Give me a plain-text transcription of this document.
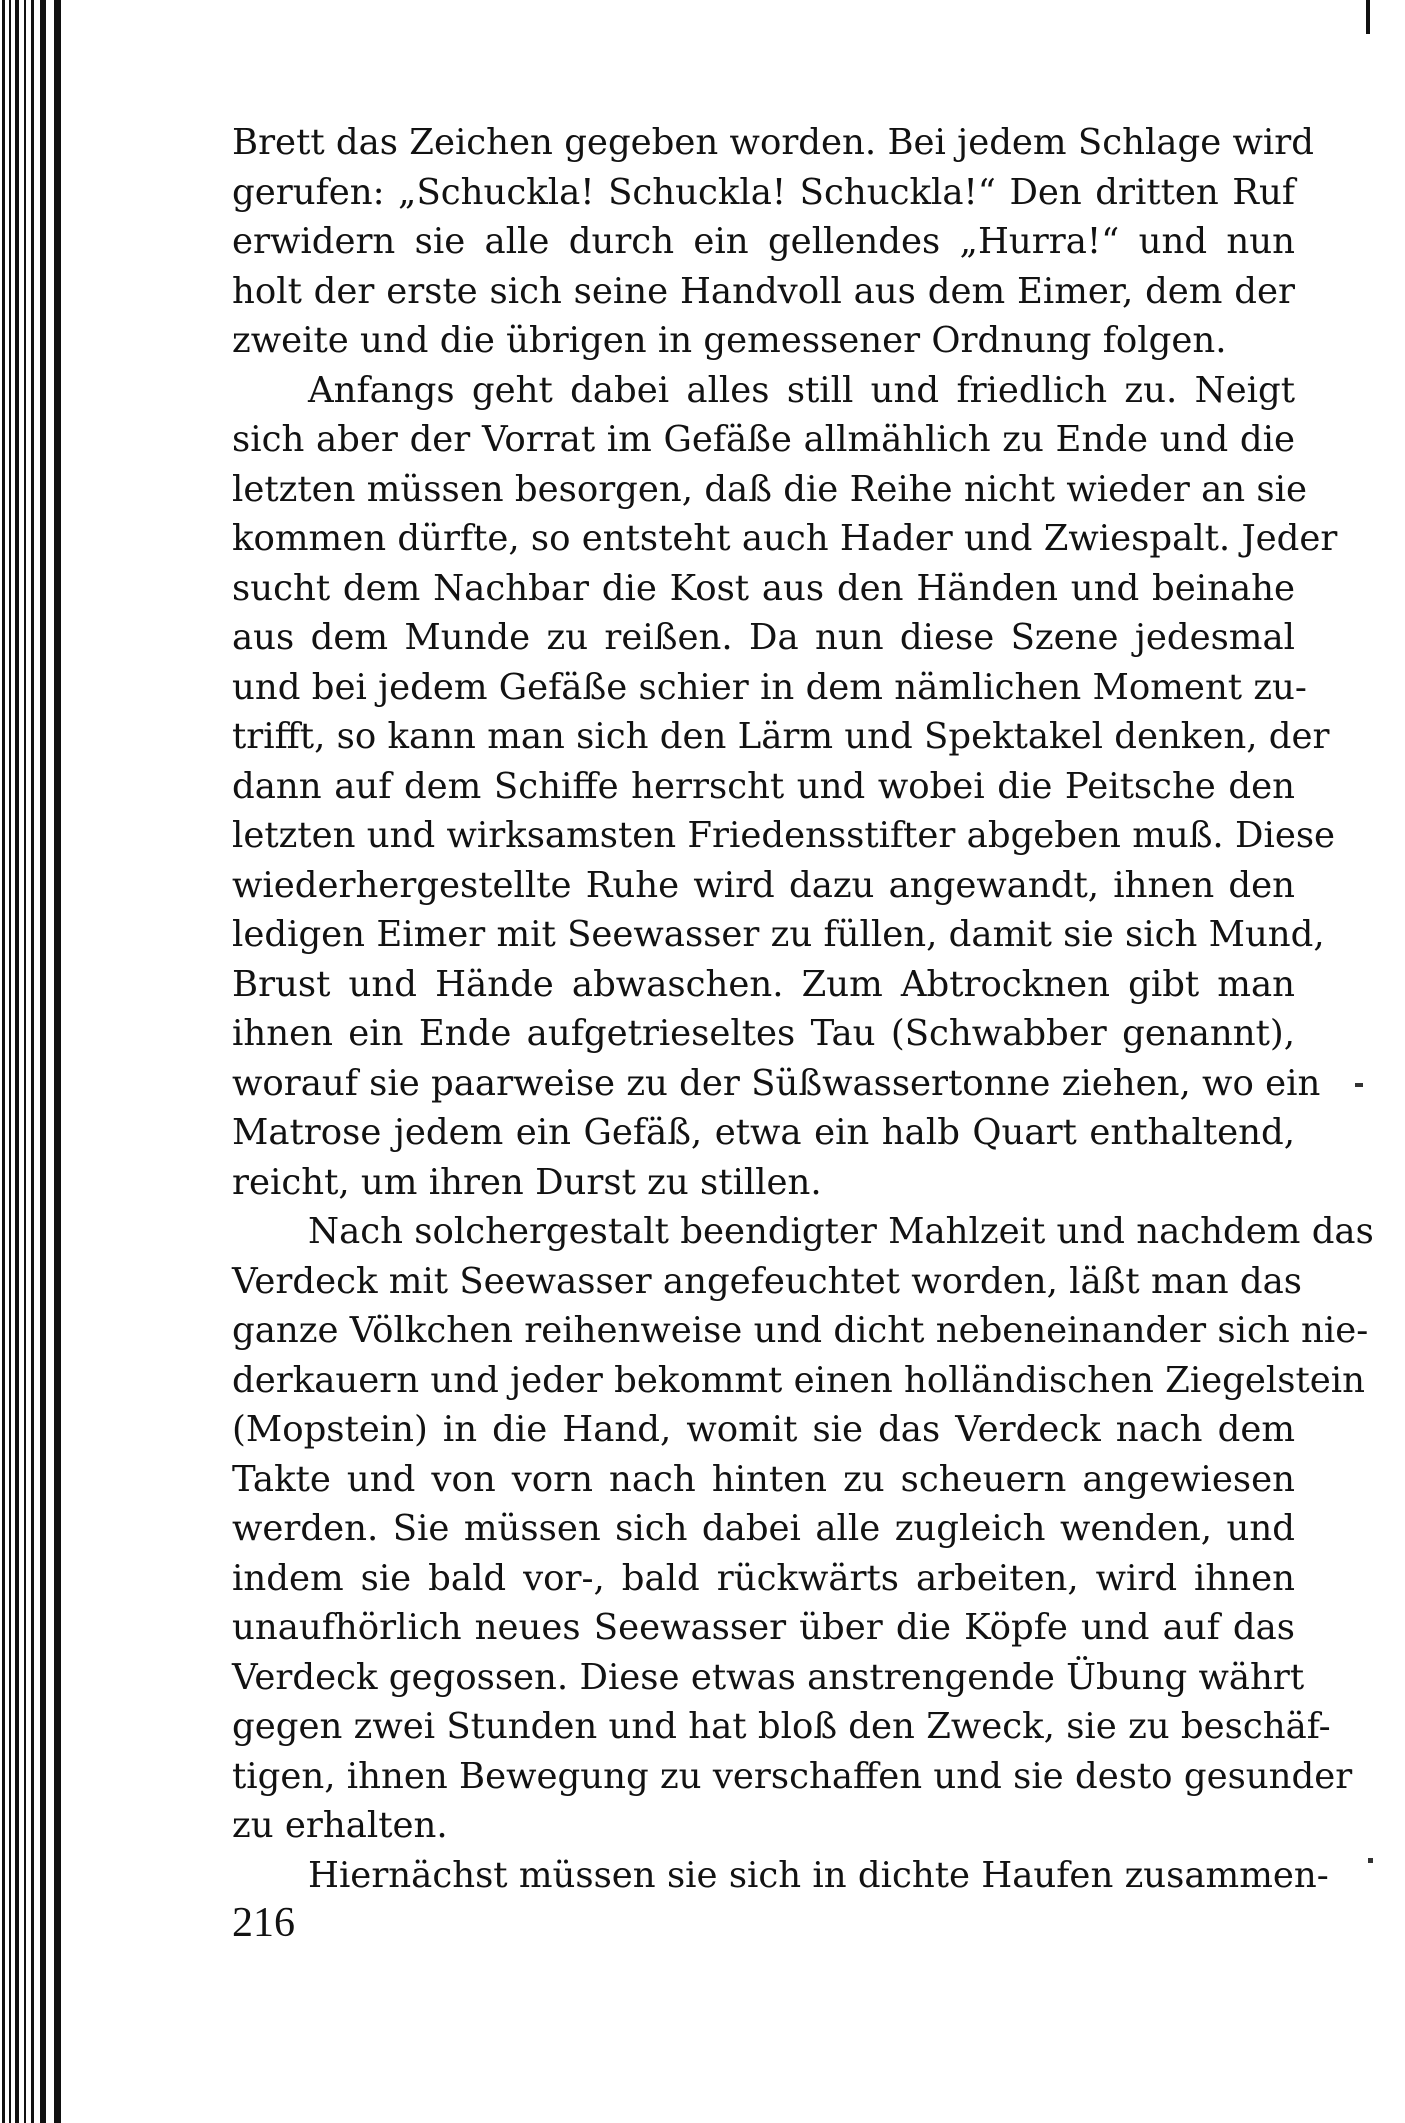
Brett das Zeichen gegeben worden. Bei jedem Schlage wird
gerufen: „Schuckla! Schuckla! Schuckla!“ Den dritten Ruf
erwidern sie alle durch ein gellendes „Hurra!“ und nun
holt der erste sich seine Handvoll aus dem Eimer, dem der
zweite und die übrigen in gemessener Ordnung folgen.
Anfangs geht dabei alles still und friedlich zu. Neigt
sich aber der Vorrat im Gefäße allmählich zu Ende und die
letzten müssen besorgen, daß die Reihe nicht wieder an sie
kommen dürfte, so entsteht auch Hader und Zwiespalt. Jeder
sucht dem Nachbar die Kost aus den Händen und beinahe
aus dem Munde zu reißen. Da nun diese Szene jedesmal
und bei jedem Gefäße schier in dem nämlichen Moment zu-
trifft, so kann man sich den Lärm und Spektakel denken, der
dann auf dem Schiffe herrscht und wobei die Peitsche den
letzten und wirksamsten Friedensstifter abgeben muß. Diese
wiederhergestellte Ruhe wird dazu angewandt, ihnen den
ledigen Eimer mit Seewasser zu füllen, damit sie sich Mund,
Brust und Hände abwaschen. Zum Abtrocknen gibt man
ihnen ein Ende aufgetrieseltes Tau (Schwabber genannt),
worauf sie paarweise zu der Süßwassertonne ziehen, wo ein
Matrose jedem ein Gefäß, etwa ein halb Quart enthaltend,
reicht, um ihren Durst zu stillen.
Nach solchergestalt beendigter Mahlzeit und nachdem das
Verdeck mit Seewasser angefeuchtet worden, läßt man das
ganze Völkchen reihenweise und dicht nebeneinander sich nie-
derkauern und jeder bekommt einen holländischen Ziegelstein
(Mopstein) in die Hand, womit sie das Verdeck nach dem
Takte und von vorn nach hinten zu scheuern angewiesen
werden. Sie müssen sich dabei alle zugleich wenden, und
indem sie bald vor-, bald rückwärts arbeiten, wird ihnen
unaufhörlich neues Seewasser über die Köpfe und auf das
Verdeck gegossen. Diese etwas anstrengende Übung währt
gegen zwei Stunden und hat bloß den Zweck, sie zu beschäf-
tigen, ihnen Bewegung zu verschaffen und sie desto gesunder
zu erhalten.
Hiernächst müssen sie sich in dichte Haufen zusammen-
216
